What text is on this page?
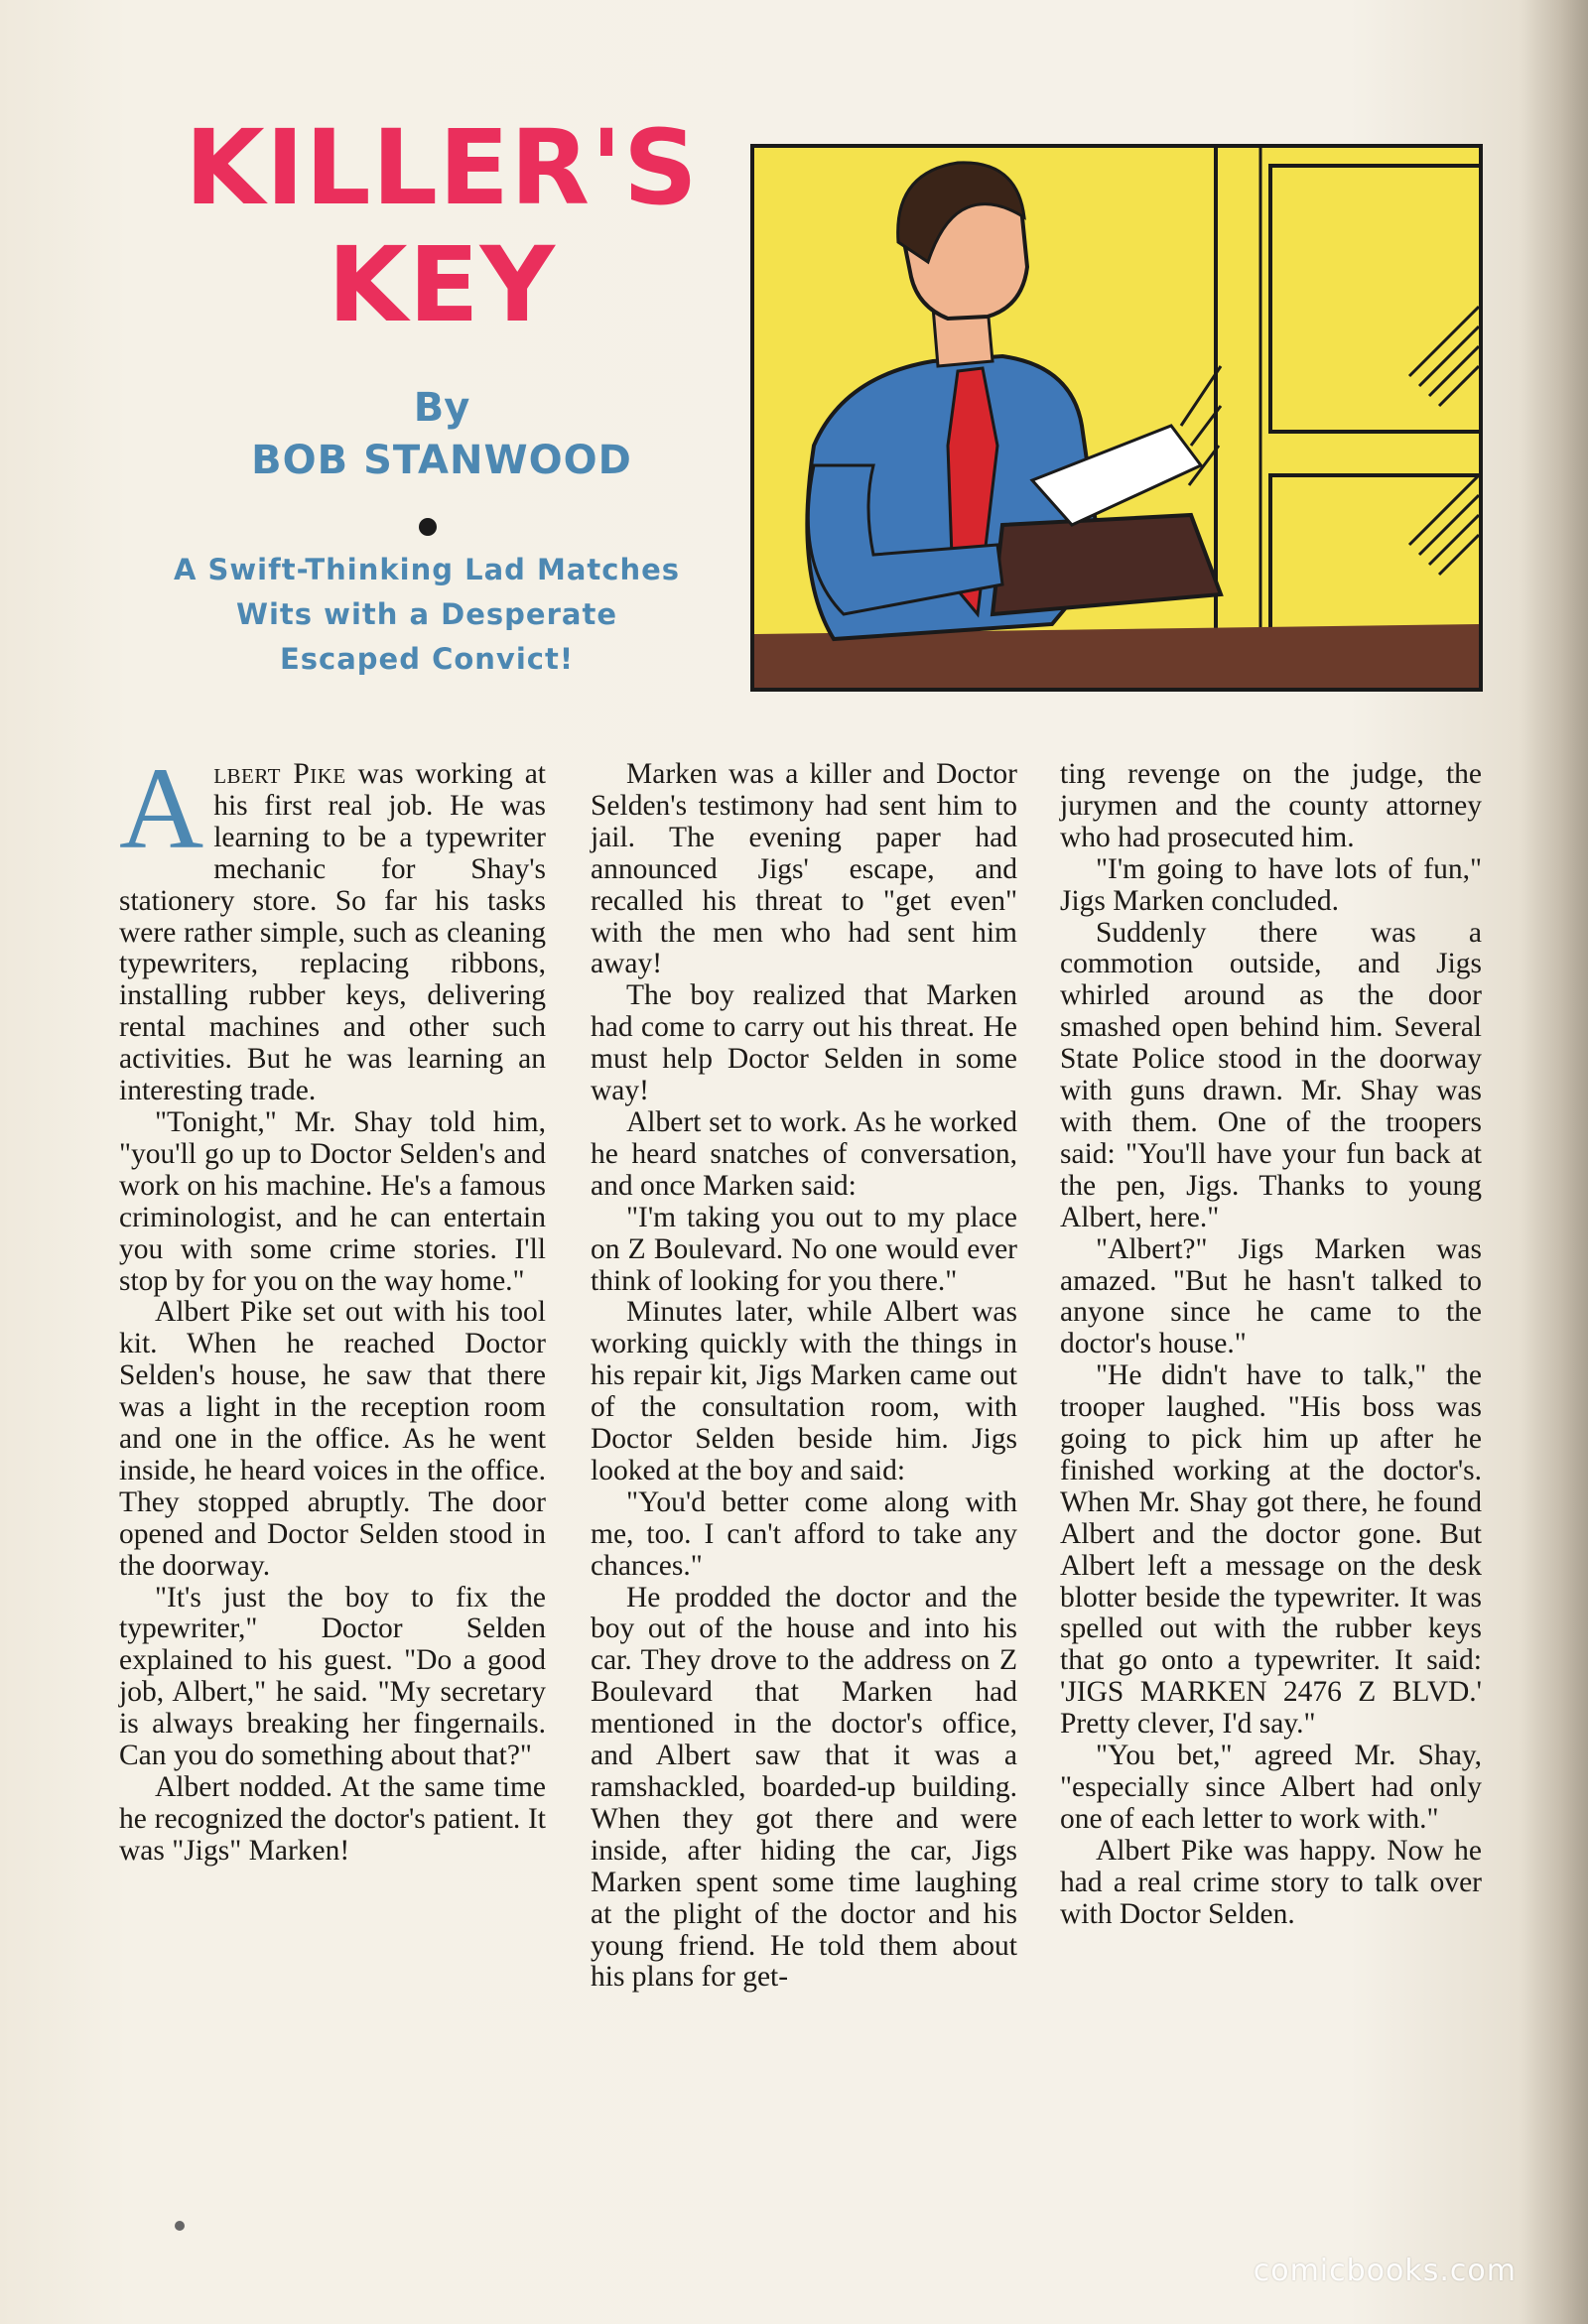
KILLER'S
KEY
By
BOB STANWOOD
A Swift-Thinking Lad Matches
Wits with a Desperate
Escaped Convict!

Albert Pike was working at his first real job. He was learning to be a typewriter mechanic for Shay's stationery store. So far his tasks were rather simple, such as cleaning typewriters, replacing ribbons, installing rubber keys, delivering rental machines and other such activities. But he was learning an interesting trade.

"Tonight," Mr. Shay told him, "you'll go up to Doctor Selden's and work on his machine. He's a famous criminologist, and he can entertain you with some crime stories. I'll stop by for you on the way home."

Albert Pike set out with his tool kit. When he reached Doctor Selden's house, he saw that there was a light in the reception room and one in the office. As he went inside, he heard voices in the office. They stopped abruptly. The door opened and Doctor Selden stood in the doorway.

"It's just the boy to fix the typewriter," Doctor Selden explained to his guest. "Do a good job, Albert," he said. "My secretary is always breaking her fingernails. Can you do something about that?"

Albert nodded. At the same time he recognized the doctor's patient. It was "Jigs" Marken!

Marken was a killer and Doctor Selden's testimony had sent him to jail. The evening paper had announced Jigs' escape, and recalled his threat to "get even" with the men who had sent him away!

The boy realized that Marken had come to carry out his threat. He must help Doctor Selden in some way!

Albert set to work. As he worked he heard snatches of conversation, and once Marken said:

"I'm taking you out to my place on Z Boulevard. No one would ever think of looking for you there."

Minutes later, while Albert was working quickly with the things in his repair kit, Jigs Marken came out of the consultation room, with Doctor Selden beside him. Jigs looked at the boy and said:

"You'd better come along with me, too. I can't afford to take any chances."

He prodded the doctor and the boy out of the house and into his car. They drove to the address on Z Boulevard that Marken had mentioned in the doctor's office, and Albert saw that it was a ramshackled, boarded-up building. When they got there and were inside, after hiding the car, Jigs Marken spent some time laughing at the plight of the doctor and his young friend. He told them about his plans for get-

ting revenge on the judge, the jurymen and the county attorney who had prosecuted him.

"I'm going to have lots of fun," Jigs Marken concluded.

Suddenly there was a commotion outside, and Jigs whirled around as the door smashed open behind him. Several State Police stood in the doorway with guns drawn. Mr. Shay was with them. One of the troopers said: "You'll have your fun back at the pen, Jigs. Thanks to young Albert, here."

"Albert?" Jigs Marken was amazed. "But he hasn't talked to anyone since he came to the doctor's house."

"He didn't have to talk," the trooper laughed. "His boss was going to pick him up after he finished working at the doctor's. When Mr. Shay got there, he found Albert and the doctor gone. But Albert left a message on the desk blotter beside the typewriter. It was spelled out with the rubber keys that go onto a typewriter. It said: 'JIGS MARKEN 2476 Z BLVD.' Pretty clever, I'd say."

"You bet," agreed Mr. Shay, "especially since Albert had only one of each letter to work with."

Albert Pike was happy. Now he had a real crime story to talk over with Doctor Selden.

comicbooks.com
